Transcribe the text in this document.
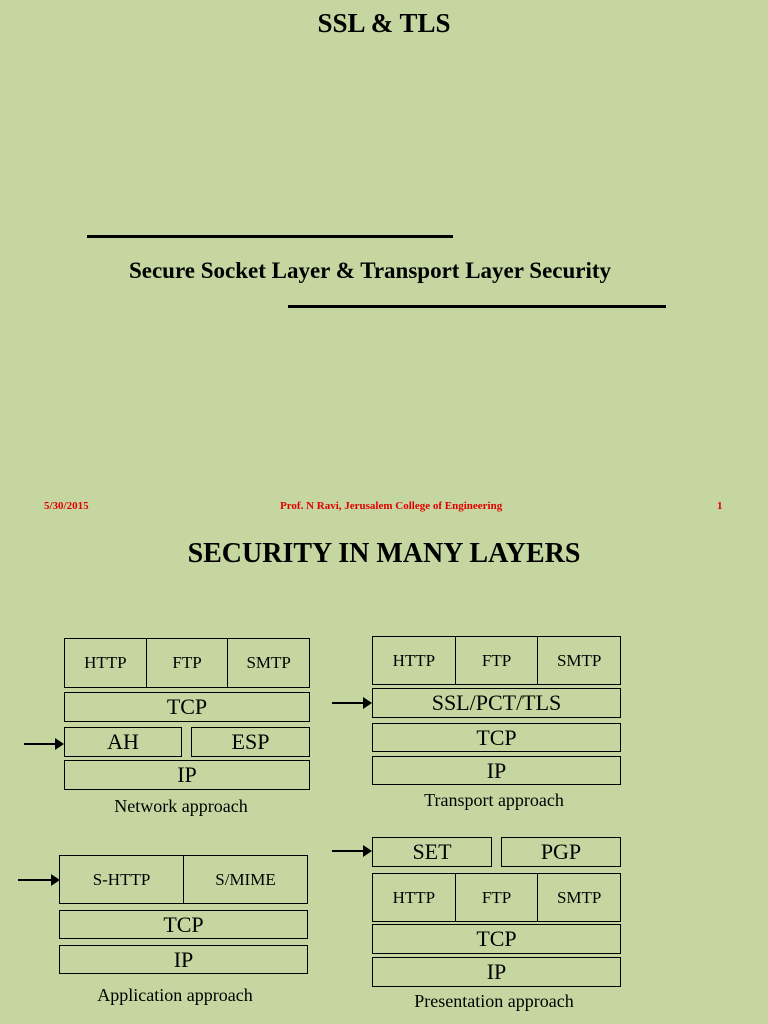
SSL & TLS
Secure Socket Layer & Transport Layer Security
5/30/2015	Prof. N Ravi, Jerusalem College of Engineering	1
SECURITY IN MANY LAYERS
HTTP	FTP	SMTP
TCP
AH	ESP
IP
Network approach
HTTP	FTP	SMTP
SSL/PCT/TLS
TCP
IP
Transport approach
S-HTTP	S/MIME
TCP
IP
Application approach
SET	PGP
HTTP	FTP	SMTP
TCP
IP
Presentation approach
